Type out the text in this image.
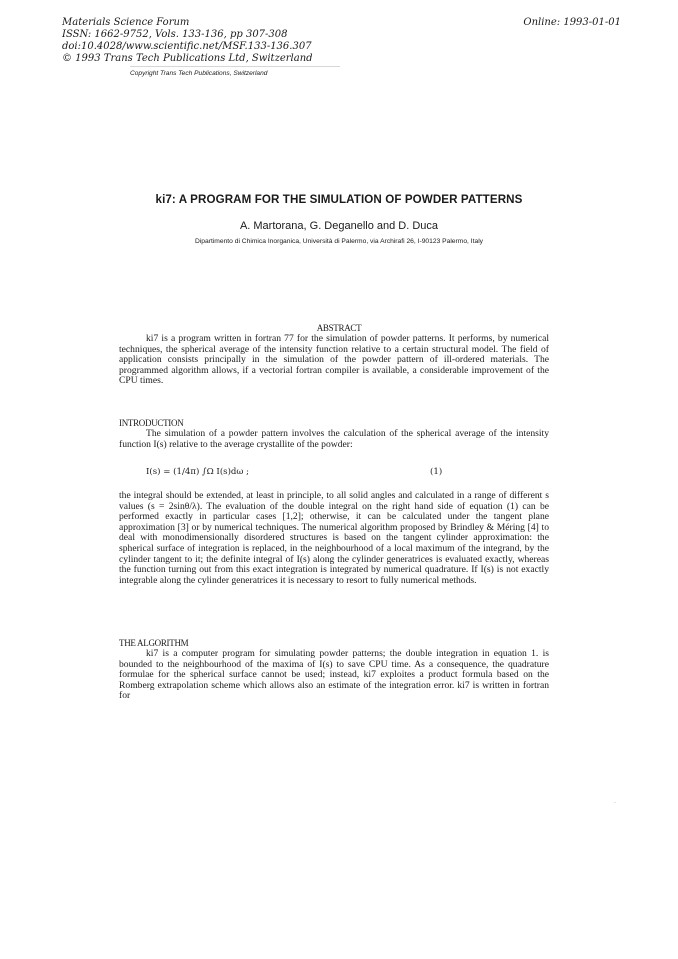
Materials Science Forum
ISSN: 1662-9752, Vols. 133-136, pp 307-308
doi:10.4028/www.scientific.net/MSF.133-136.307
© 1993 Trans Tech Publications Ltd, Switzerland
Online: 1993-01-01
Copyright Trans Tech Publications, Switzerland
ki7: A PROGRAM FOR THE SIMULATION OF POWDER PATTERNS
A. Martorana, G. Deganello and D. Duca
Dipartimento di Chimica Inorganica, Università di Palermo, via Archirafi 26, I-90123 Palermo, Italy
ABSTRACT
ki7 is a program written in fortran 77 for the simulation of powder patterns. It performs, by numerical techniques, the spherical average of the intensity function relative to a certain structural model. The field of application consists principally in the simulation of the powder pattern of ill-ordered materials. The programmed algorithm allows, if a vectorial fortran compiler is available, a considerable improvement of the CPU times.
INTRODUCTION
The simulation of a powder pattern involves the calculation of the spherical average of the intensity function I(s) relative to the average crystallite of the powder:
I(s) = (1/4π) ∫Ω I(s)dω ;	(1)
the integral should be extended, at least in principle, to all solid angles and calculated in a range of different s values (s = 2sinθ/λ). The evaluation of the double integral on the right hand side of equation (1) can be performed exactly in particular cases [1,2]; otherwise, it can be calculated under the tangent plane approximation [3] or by numerical techniques. The numerical algorithm proposed by Brindley & Méring [4] to deal with monodimensionally disordered structures is based on the tangent cylinder approximation: the spherical surface of integration is replaced, in the neighbourhood of a local maximum of the integrand, by the cylinder tangent to it; the definite integral of I(s) along the cylinder generatrices is evaluated exactly, whereas the function turning out from this exact integration is integrated by numerical quadrature. If I(s) is not exactly integrable along the cylinder generatrices it is necessary to resort to fully numerical methods.
THE ALGORITHM
ki7 is a computer program for simulating powder patterns; the double integration in equation 1. is bounded to the neighbourhood of the maxima of I(s) to save CPU time. As a consequence, the quadrature formulae for the spherical surface cannot be used; instead, ki7 exploites a product formula based on the Romberg extrapolation scheme which allows also an estimate of the integration error. ki7 is written in fortran for
